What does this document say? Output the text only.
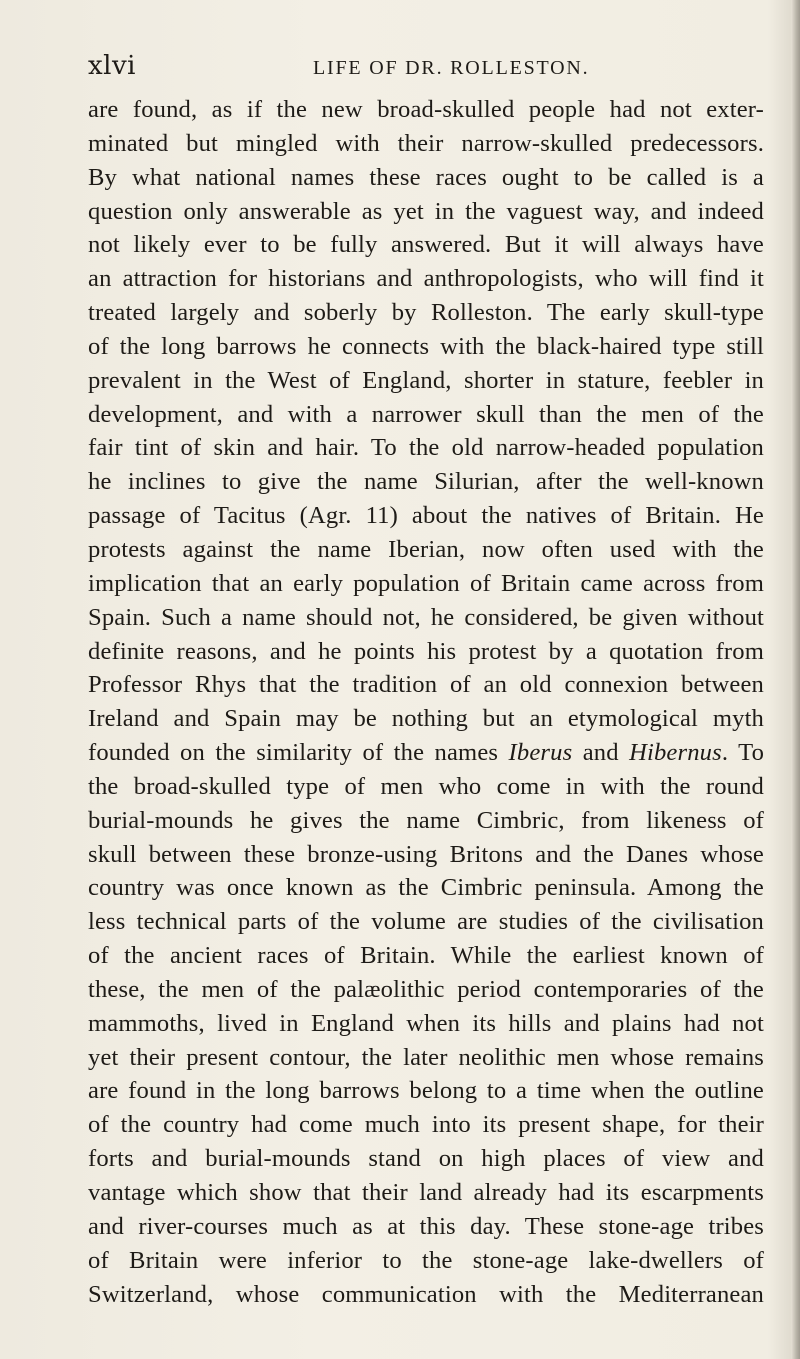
xlvi	LIFE OF DR. ROLLESTON.
are found, as if the new broad-skulled people had not exter-
minated but mingled with their narrow-skulled predecessors.
By what national names these races ought to be called is a
question only answerable as yet in the vaguest way, and indeed
not likely ever to be fully answered. But it will always have
an attraction for historians and anthropologists, who will find it
treated largely and soberly by Rolleston. The early skull-type
of the long barrows he connects with the black-haired type still
prevalent in the West of England, shorter in stature, feebler in
development, and with a narrower skull than the men of the
fair tint of skin and hair. To the old narrow-headed population
he inclines to give the name Silurian, after the well-known
passage of Tacitus (Agr. 11) about the natives of Britain. He
protests against the name Iberian, now often used with the
implication that an early population of Britain came across from
Spain. Such a name should not, he considered, be given without
definite reasons, and he points his protest by a quotation from
Professor Rhys that the tradition of an old connexion between
Ireland and Spain may be nothing but an etymological myth
founded on the similarity of the names Iberus and Hibernus. To
the broad-skulled type of men who come in with the round
burial-mounds he gives the name Cimbric, from likeness of
skull between these bronze-using Britons and the Danes whose
country was once known as the Cimbric peninsula. Among the
less technical parts of the volume are studies of the civilisation
of the ancient races of Britain. While the earliest known of
these, the men of the palæolithic period contemporaries of the
mammoths, lived in England when its hills and plains had not
yet their present contour, the later neolithic men whose remains
are found in the long barrows belong to a time when the outline
of the country had come much into its present shape, for their
forts and burial-mounds stand on high places of view and
vantage which show that their land already had its escarpments
and river-courses much as at this day. These stone-age tribes
of Britain were inferior to the stone-age lake-dwellers of
Switzerland, whose communication with the Mediterranean
